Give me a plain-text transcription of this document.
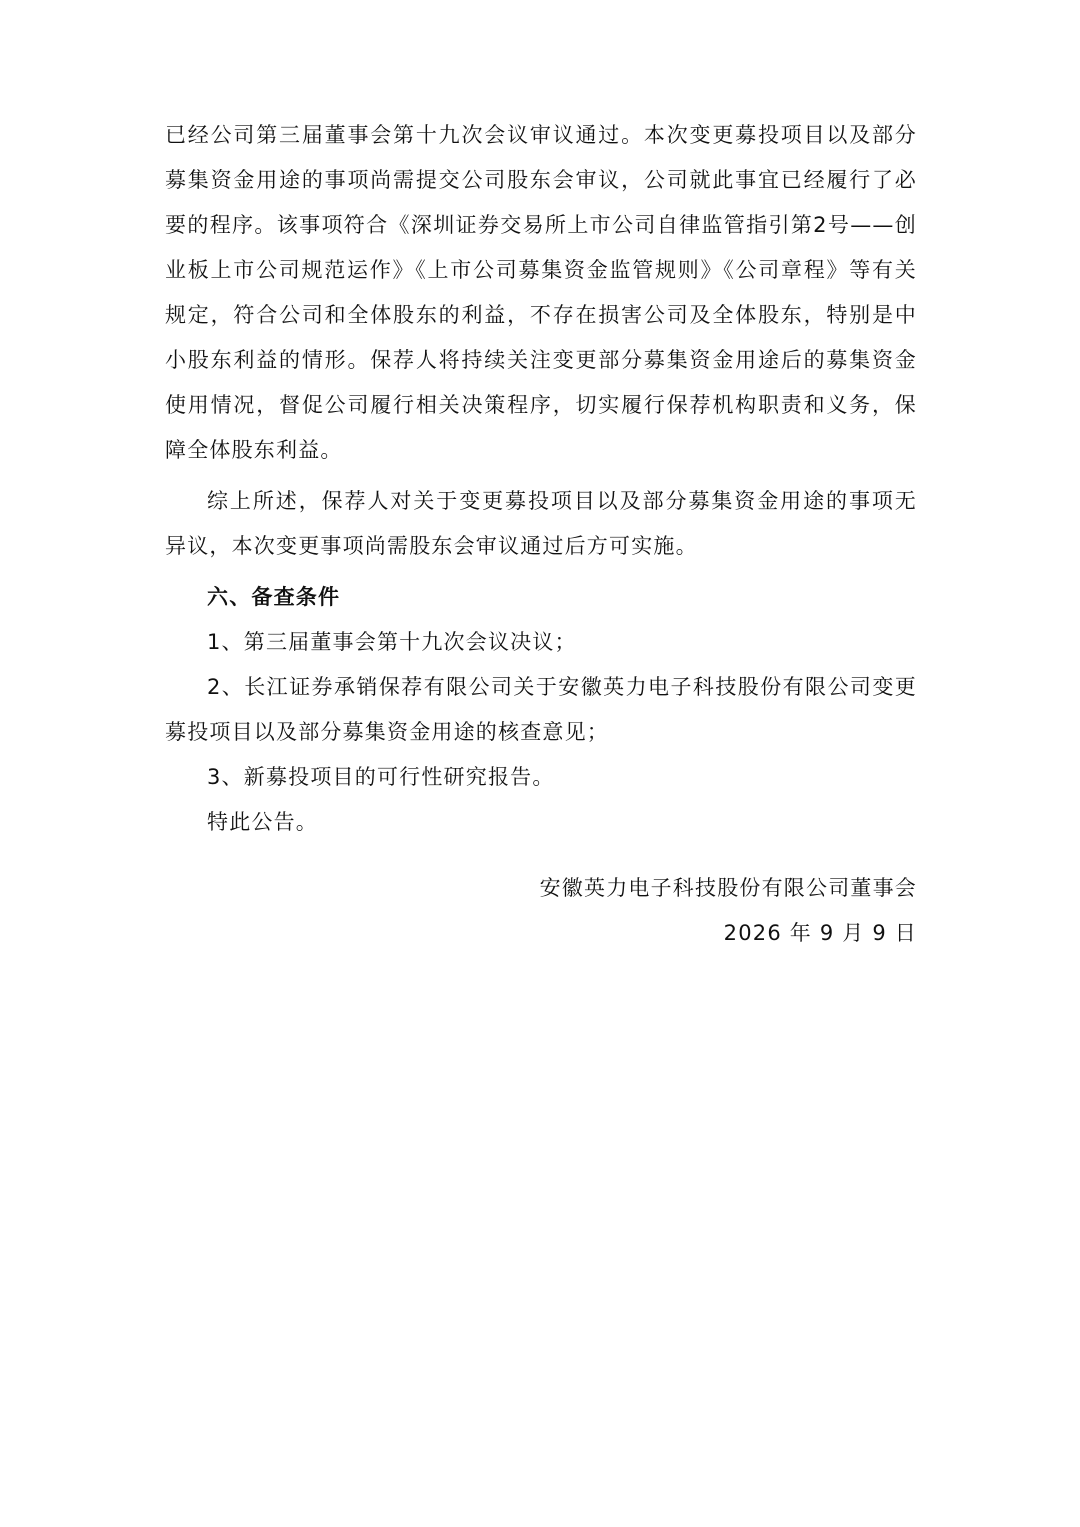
已经公司第三届董事会第十九次会议审议通过。本次变更募投项目以及部分募集资金用途的事项尚需提交公司股东会审议，公司就此事宜已经履行了必要的程序。该事项符合《深圳证券交易所上市公司自律监管指引第2号——创业板上市公司规范运作》《上市公司募集资金监管规则》《公司章程》等有关规定，符合公司和全体股东的利益，不存在损害公司及全体股东，特别是中小股东利益的情形。保荐人将持续关注变更部分募集资金用途后的募集资金使用情况，督促公司履行相关决策程序，切实履行保荐机构职责和义务，保障全体股东利益。

综上所述，保荐人对关于变更募投项目以及部分募集资金用途的事项无异议，本次变更事项尚需股东会审议通过后方可实施。

六、备查条件

1、第三届董事会第十九次会议决议；

2、长江证券承销保荐有限公司关于安徽英力电子科技股份有限公司变更募投项目以及部分募集资金用途的核查意见；

3、新募投项目的可行性研究报告。

特此公告。

安徽英力电子科技股份有限公司董事会
2026 年 9 月 9 日
